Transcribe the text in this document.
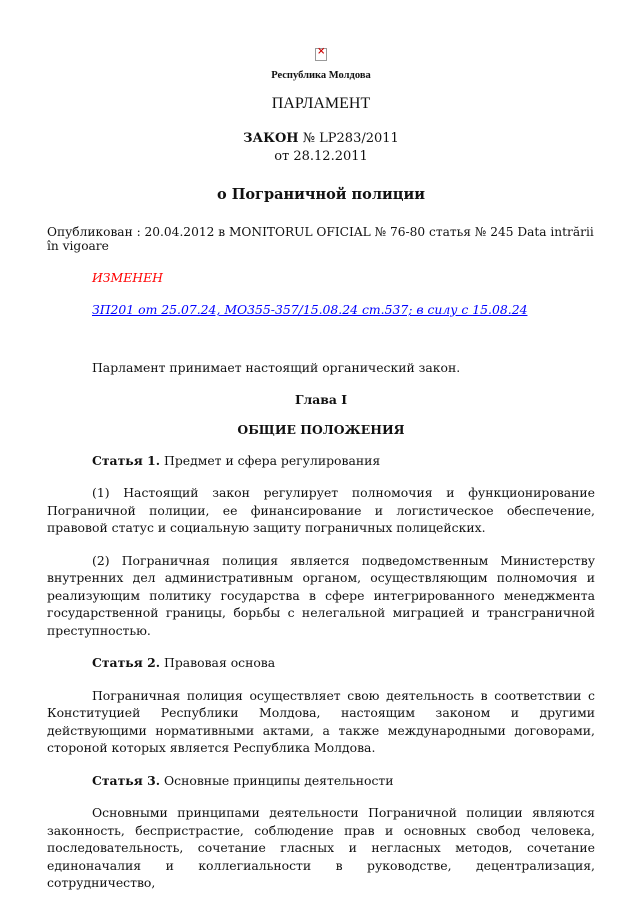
×

Республика Молдова

ПАРЛАМЕНТ

ЗАКОН № LP283/2011
от 28.12.2011

о Пограничной полиции

Опубликован : 20.04.2012 в MONITORUL OFICIAL № 76-80 статья № 245 Data intrării în vigoare

ИЗМЕНЕН

ЗП201 от 25.07.24, MO355-357/15.08.24 ст.537; в силу с 15.08.24

Парламент принимает настоящий органический закон.

Глава I

ОБЩИЕ ПОЛОЖЕНИЯ

Статья 1. Предмет и сфера регулирования

(1) Настоящий закон регулирует полномочия и функционирование Пограничной полиции, ее финансирование и логистическое обеспечение, правовой статус и социальную защиту пограничных полицейских.

(2) Пограничная полиция является подведомственным Министерству внутренних дел административным органом, осуществляющим полномочия и реализующим политику государства в сфере интегрированного менеджмента государственной границы, борьбы с нелегальной миграцией и трансграничной преступностью.

Статья 2. Правовая основа

Пограничная полиция осуществляет свою деятельность в соответствии с Конституцией Республики Молдова, настоящим законом и другими действующими нормативными актами, а также международными договорами, стороной которых является Республика Молдова.

Статья 3. Основные принципы деятельности

Основными принципами деятельности Пограничной полиции являются законность, беспристрастие, соблюдение прав и основных свобод человека, последовательность, сочетание гласных и негласных методов, сочетание единоначалия и коллегиальности в руководстве, децентрализация, сотрудничество,
